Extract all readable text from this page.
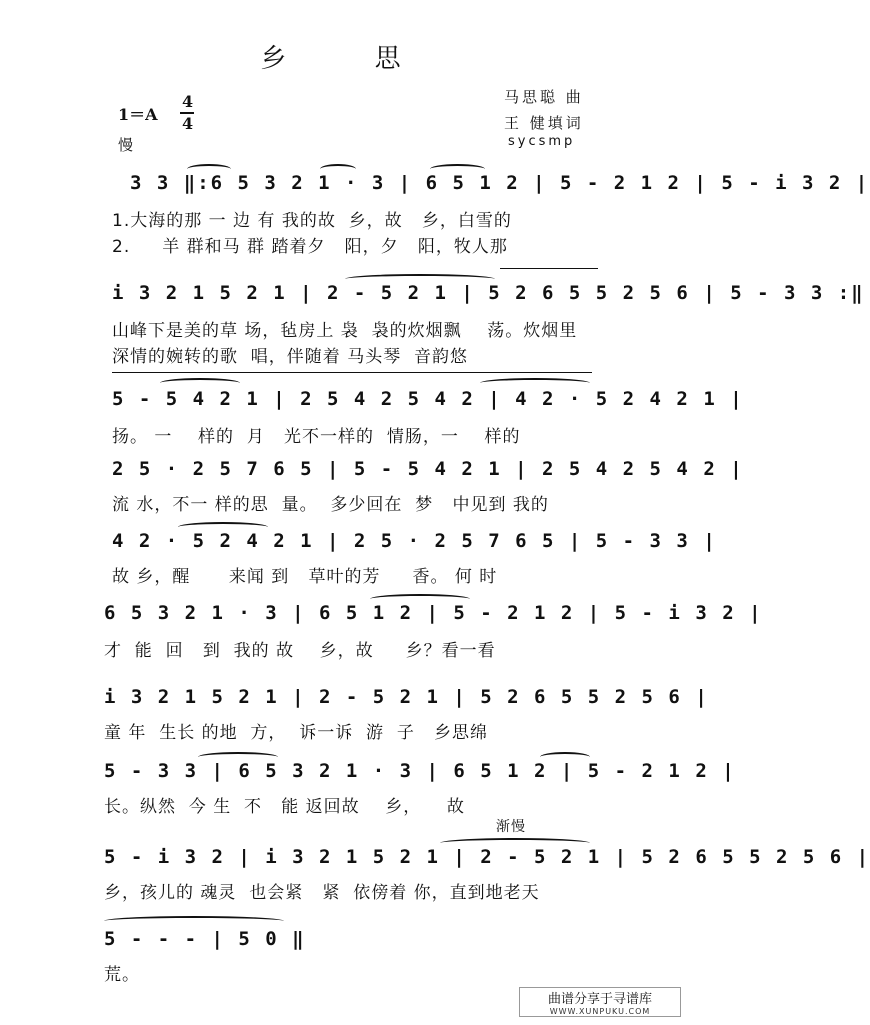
乡 思
马思聪 曲
王 健填词
sycsmp
1＝A
4
4
慢
3 3 ‖:6 5 3 2 1 · 3 | 6 5 1 2 | 5 - 2 1 2 | 5 - i 3 2 |
1.大海的那 一 边 有 我的故  乡，故   乡，白雪的
2.     羊 群和马 群 踏着夕   阳，夕   阳，牧人那
i 3 2 1 5 2 1 | 2 - 5 2 1 | 5 2 6 5 5 2 5 6 | 5 - 3 3 :‖
山峰下是美的草 场，毡房上 袅  袅的炊烟飘    荡。炊烟里
深情的婉转的歌  唱，伴随着 马头琴  音韵悠
5 - 5 4 2 1 | 2 5 4 2 5 4 2 | 4 2 · 5 2 4 2 1 |
扬。 一    样的  月   光不一样的  情肠，一    样的
2 5 · 2 5 7 6 5 | 5 - 5 4 2 1 | 2 5 4 2 5 4 2 |
流 水，不一 样的思  量。  多少回在  梦   中见到 我的
4 2 · 5 2 4 2 1 | 2 5 · 2 5 7 6 5 | 5 - 3 3 |
故 乡，醒      来闻 到   草叶的芳     香。 何 时
6 5 3 2 1 · 3 | 6 5 1 2 | 5 - 2 1 2 | 5 - i 3 2 |
才  能  回   到  我的 故    乡，故     乡？看一看
i 3 2 1 5 2 1 | 2 - 5 2 1 | 5 2 6 5 5 2 5 6 |
童 年  生长 的地  方，  诉一诉  游  子   乡思绵
5 - 3 3 | 6 5 3 2 1 · 3 | 6 5 1 2 | 5 - 2 1 2 |
长。纵然  今 生  不   能 返回故    乡，    故
渐慢
5 - i 3 2 | i 3 2 1 5 2 1 | 2 - 5 2 1 | 5 2 6 5 5 2 5 6 |
乡，孩儿的 魂灵  也会紧   紧  依傍着 你，直到地老天
5 - - - | 5 0 ‖
荒。
曲谱分享于寻谱库
WWW.XUNPUKU.COM
